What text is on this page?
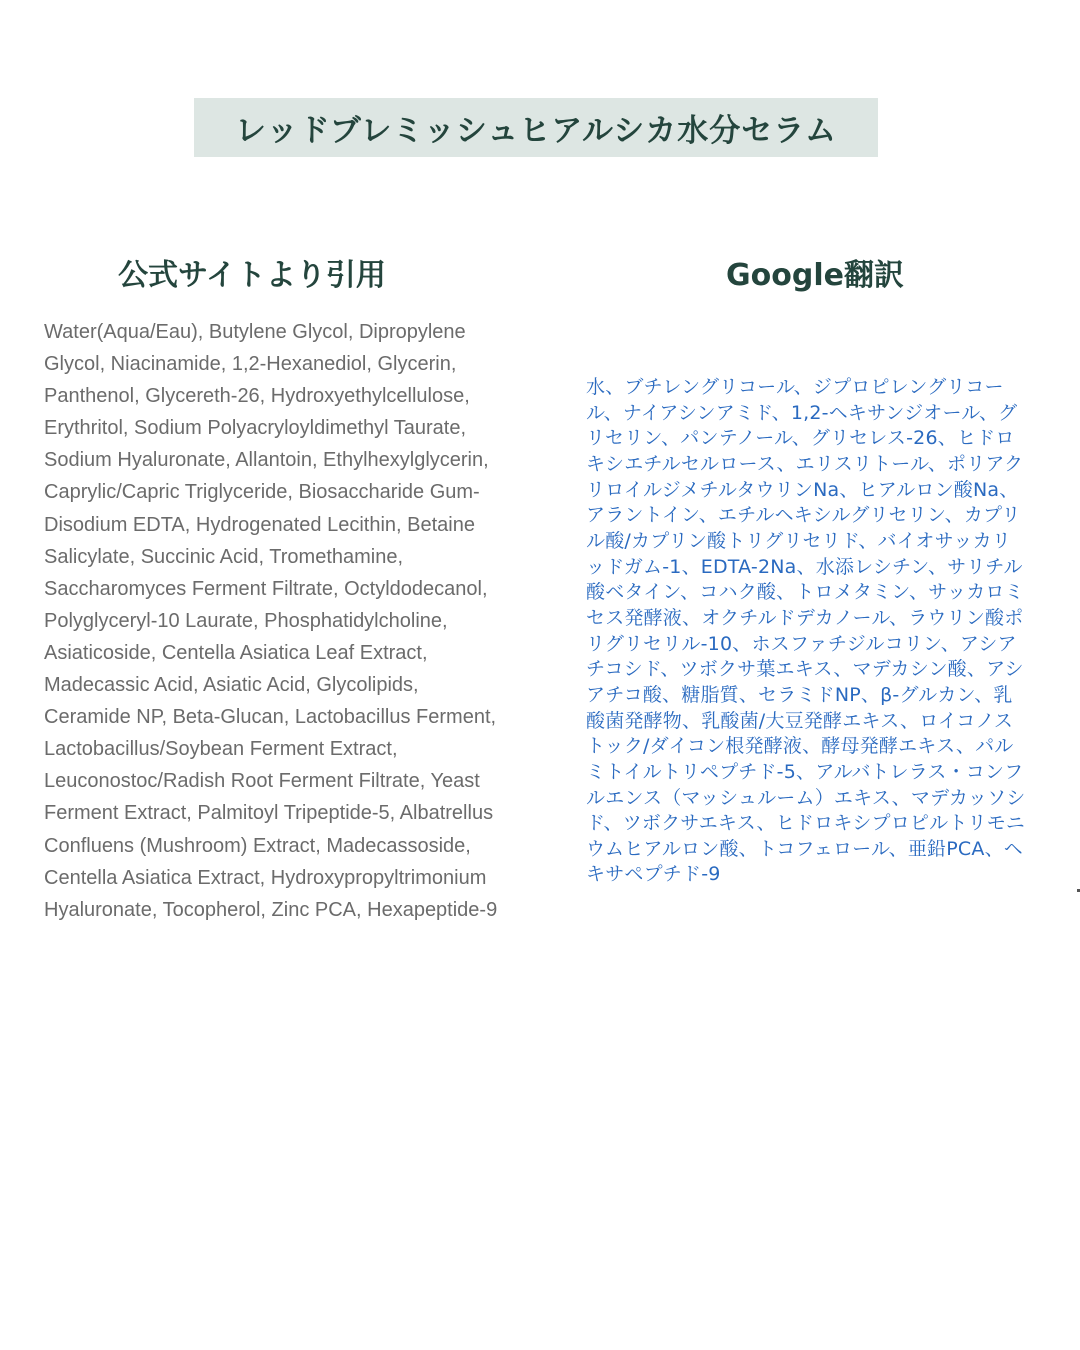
レッドブレミッシュヒアルシカ水分セラム
公式サイトより引用	Google翻訳
Water(Aqua/Eau), Butylene Glycol, Dipropylene
Glycol, Niacinamide, 1,2-Hexanediol, Glycerin,
Panthenol, Glycereth-26, Hydroxyethylcellulose,
Erythritol, Sodium Polyacryloyldimethyl Taurate,
Sodium Hyaluronate, Allantoin, Ethylhexylglycerin,
Caprylic/Capric Triglyceride, Biosaccharide Gum-
Disodium EDTA, Hydrogenated Lecithin, Betaine
Salicylate, Succinic Acid, Tromethamine,
Saccharomyces Ferment Filtrate, Octyldodecanol,
Polyglyceryl-10 Laurate, Phosphatidylcholine,
Asiaticoside, Centella Asiatica Leaf Extract,
Madecassic Acid, Asiatic Acid, Glycolipids,
Ceramide NP, Beta-Glucan, Lactobacillus Ferment,
Lactobacillus/Soybean Ferment Extract,
Leuconostoc/Radish Root Ferment Filtrate, Yeast
Ferment Extract, Palmitoyl Tripeptide-5, Albatrellus
Confluens (Mushroom) Extract, Madecassoside,
Centella Asiatica Extract, Hydroxypropyltrimonium
Hyaluronate, Tocopherol, Zinc PCA, Hexapeptide-9
水、ブチレングリコール、ジプロピレングリコー
ル、ナイアシンアミド、1,2-ヘキサンジオール、グ
リセリン、パンテノール、グリセレス-26、ヒドロ
キシエチルセルロース、エリスリトール、ポリアク
リロイルジメチルタウリンNa、ヒアルロン酸Na、
アラントイン、エチルヘキシルグリセリン、カプリ
ル酸/カプリン酸トリグリセリド、バイオサッカリ
ッドガム-1、EDTA-2Na、水添レシチン、サリチル
酸ベタイン、コハク酸、トロメタミン、サッカロミ
セス発酵液、オクチルドデカノール、ラウリン酸ポ
リグリセリル-10、ホスファチジルコリン、アシア
チコシド、ツボクサ葉エキス、マデカシン酸、アシ
アチコ酸、糖脂質、セラミドNP、β-グルカン、乳
酸菌発酵物、乳酸菌/大豆発酵エキス、ロイコノス
トック/ダイコン根発酵液、酵母発酵エキス、パル
ミトイルトリペプチド-5、アルバトレラス・コンフ
ルエンス（マッシュルーム）エキス、マデカッソシ
ド、ツボクサエキス、ヒドロキシプロピルトリモニ
ウムヒアルロン酸、トコフェロール、亜鉛PCA、ヘ
キサペプチド-9
